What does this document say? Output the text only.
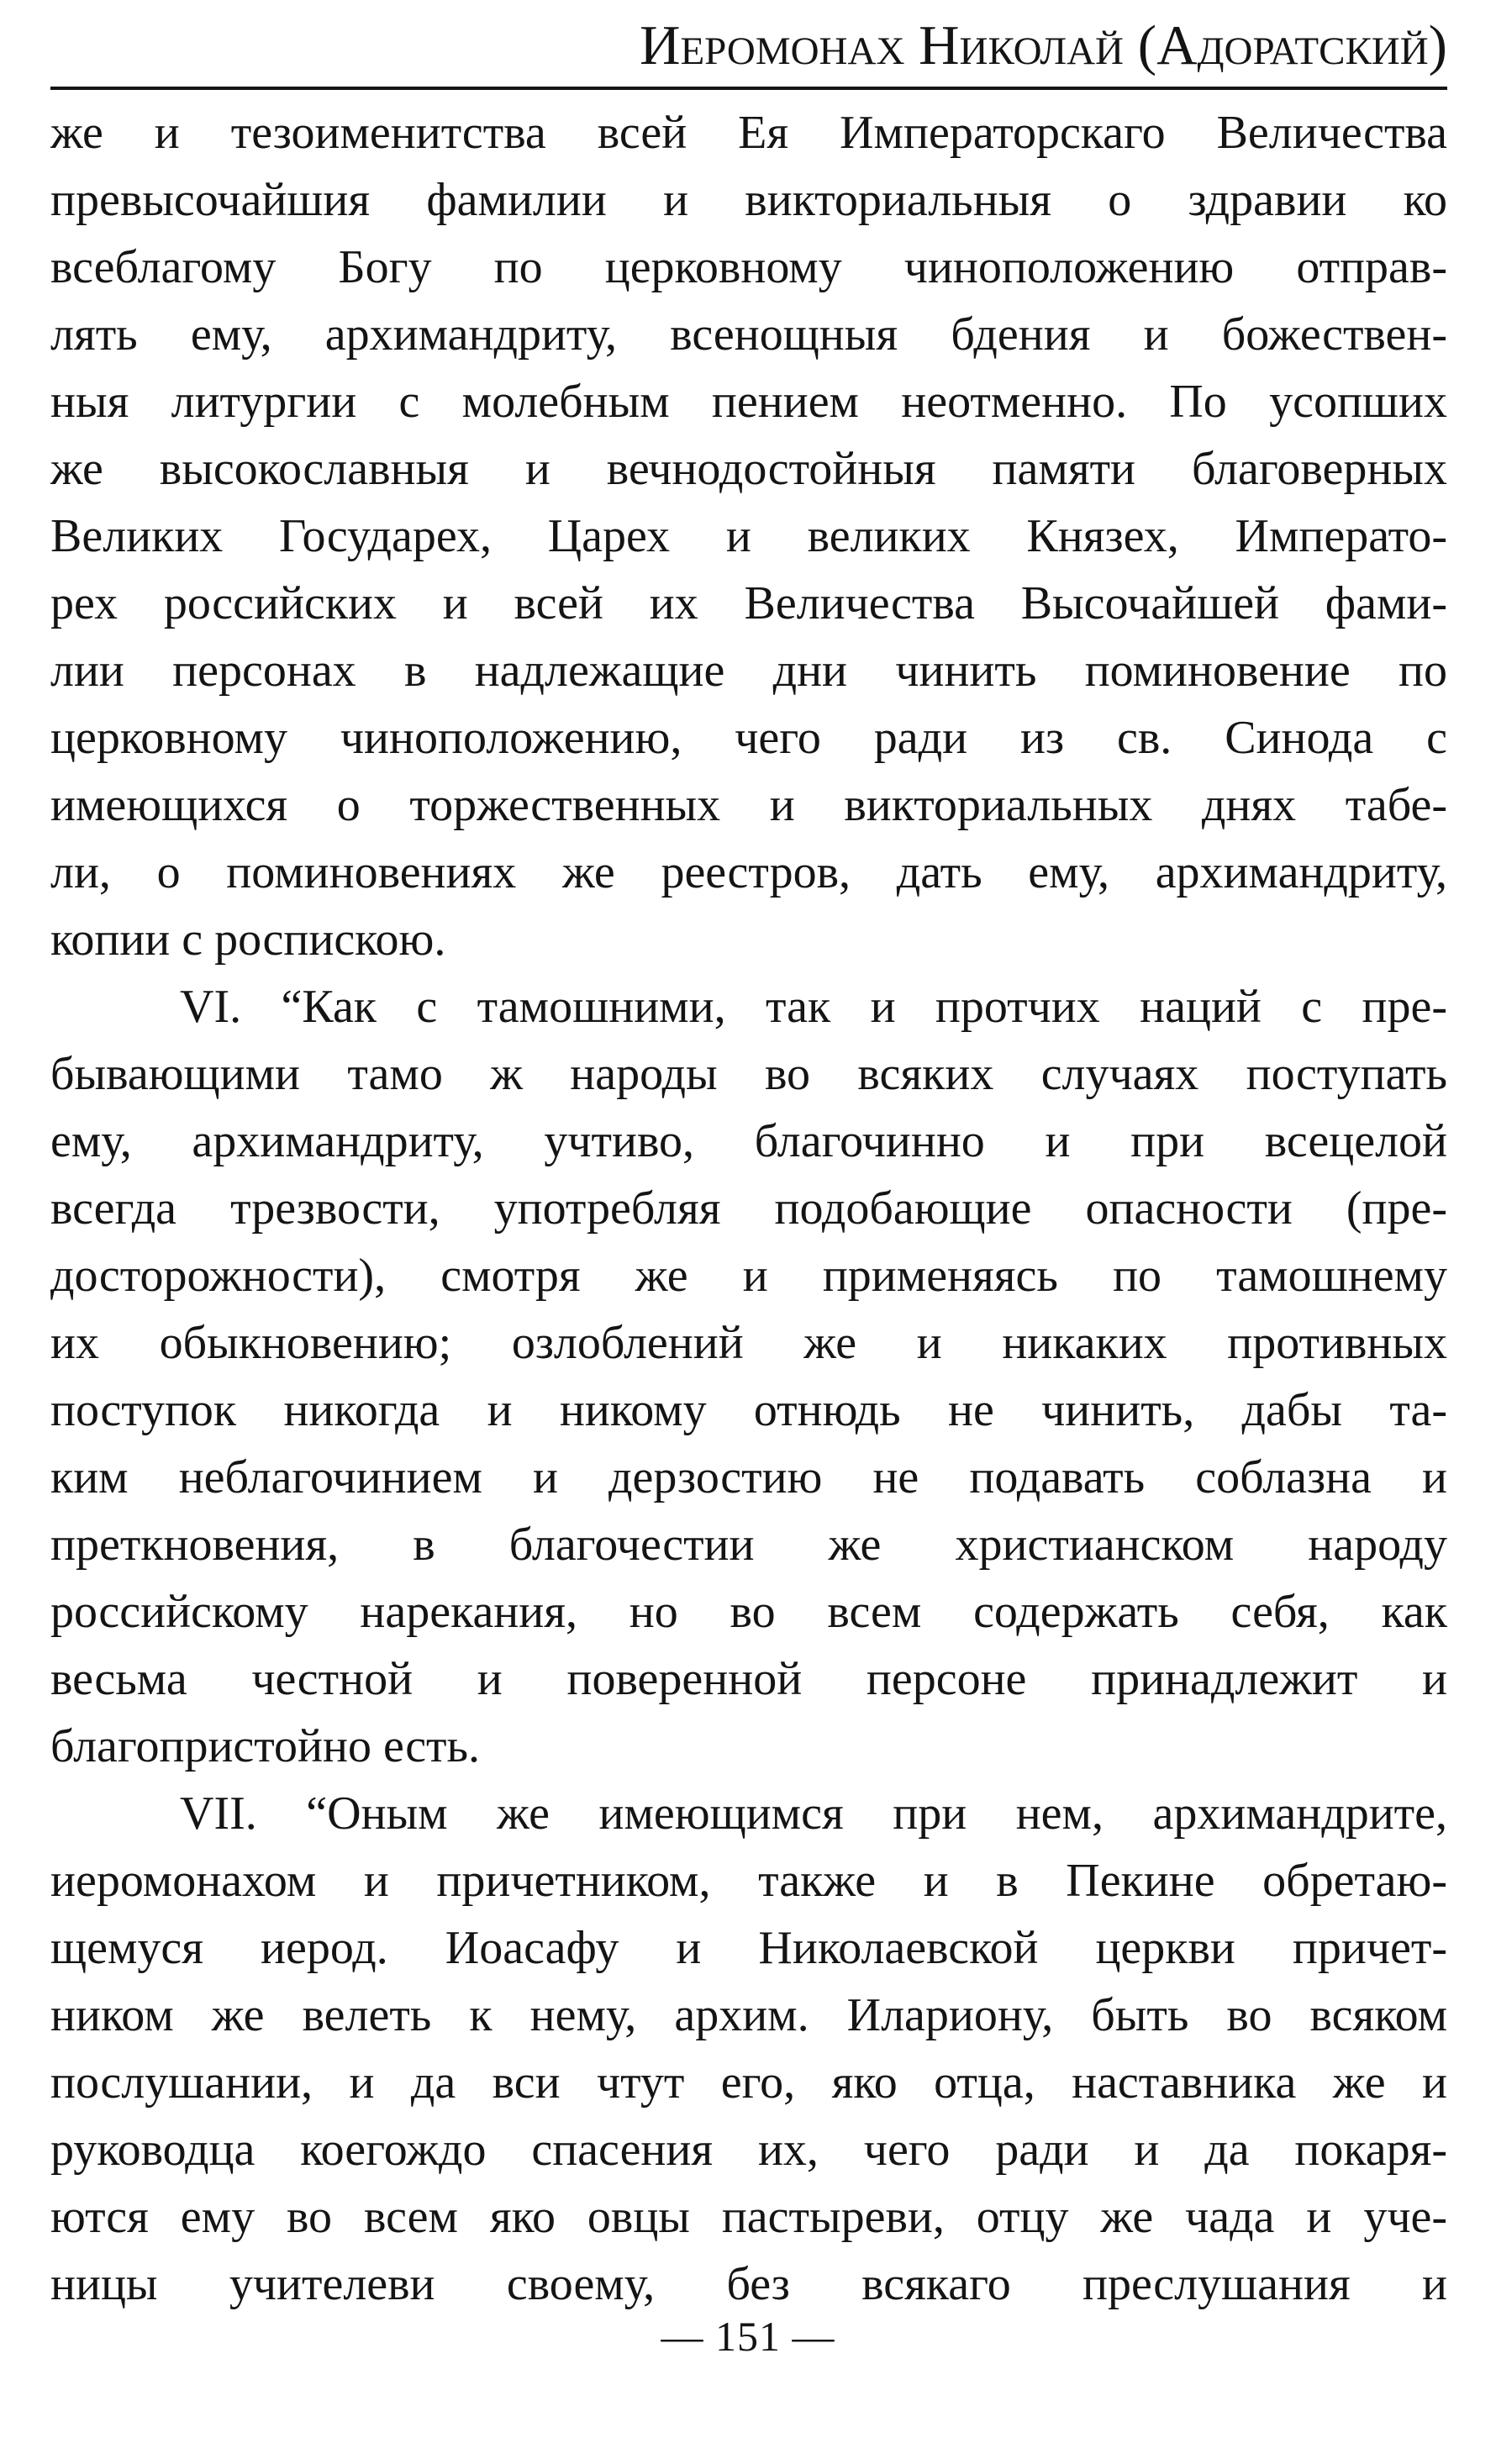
Иеромонах Николай (Адоратский)
же и тезоименитства всей Ея Императорскаго Величества
превысочайшия фамилии и викториальныя о здравии ко
всеблагому Богу по церковному чиноположению отправ-
лять ему, архимандриту, всенощныя бдения и божествен-
ныя литургии с молебным пением неотменно. По усопших
же высокославныя и вечнодостойныя памяти благоверных
Великих Государех, Царех и великих Князех, Императо-
рех российских и всей их Величества Высочайшей фами-
лии персонах в надлежащие дни чинить поминовение по
церковному чиноположению, чего ради из св. Синода с
имеющихся о торжественных и викториальных днях табе-
ли, о поминовениях же реестров, дать ему, архимандриту,
копии с роспискою.
VI. “Как с тамошними, так и протчих наций с пре-
бывающими тамо ж народы во всяких случаях поступать
ему, архимандриту, учтиво, благочинно и при всецелой
всегда трезвости, употребляя подобающие опасности (пре-
досторожности), смотря же и применяясь по тамошнему
их обыкновению; озлоблений же и никаких противных
поступок никогда и никому отнюдь не чинить, дабы та-
ким неблагочинием и дерзостию не подавать соблазна и
преткновения, в благочестии же христианском народу
российскому нарекания, но во всем содержать себя, как
весьма честной и поверенной персоне принадлежит и
благопристойно есть.
VII. “Оным же имеющимся при нем, архимандрите,
иеромонахом и причетником, также и в Пекине обретаю-
щемуся иерод. Иоасафу и Николаевской церкви причет-
ником же велеть к нему, архим. Илариону, быть во всяком
послушании, и да вси чтут его, яко отца, наставника же и
руководца коегождо спасения их, чего ради и да покаря-
ются ему во всем яко овцы пастыреви, отцу же чада и уче-
ницы учителеви своему, без всякаго преслушания и
— 151 —
